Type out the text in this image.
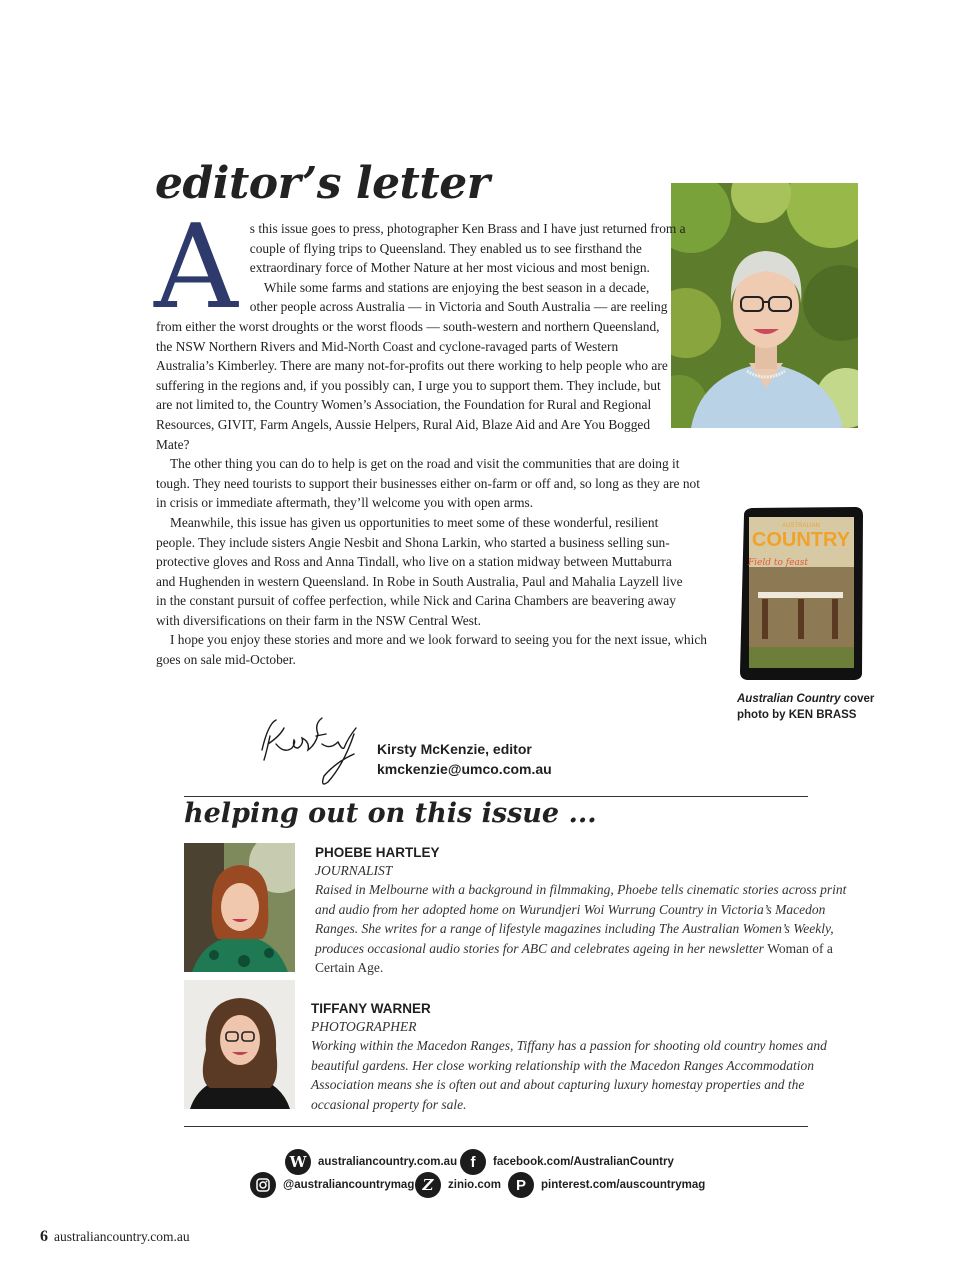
editor’s letter
A s this issue goes to press, photographer Ken Brass and I have just returned from a couple of flying trips to Queensland. They enabled us to see firsthand the extraordinary force of Mother Nature at her most vicious and most benign.

While some farms and stations are enjoying the best season in a decade, other people across Australia — in Victoria and South Australia — are reeling from either the worst droughts or the worst floods — south-western and northern Queensland, the NSW Northern Rivers and Mid-North Coast and cyclone-ravaged parts of Western Australia’s Kimberley. There are many not-for-profits out there working to help people who are suffering in the regions and, if you possibly can, I urge you to support them. They include, but are not limited to, the Country Women’s Association, the Foundation for Rural and Regional Resources, GIVIT, Farm Angels, Aussie Helpers, Rural Aid, Blaze Aid and Are You Bogged Mate?

The other thing you can do to help is get on the road and visit the communities that are doing it tough. They need tourists to support their businesses either on-farm or off and, so long as they are not in crisis or immediate aftermath, they’ll welcome you with open arms.

Meanwhile, this issue has given us opportunities to meet some of these wonderful, resilient people. They include sisters Angie Nesbit and Shona Larkin, who started a business selling sun-protective gloves and Ross and Anna Tindall, who live on a station midway between Muttaburra and Hughenden in western Queensland. In Robe in South Australia, Paul and Mahalia Layzell live in the constant pursuit of coffee perfection, while Nick and Carina Chambers are beavering away with diversifications on their farm in the NSW Central West.

I hope you enjoy these stories and more and we look forward to seeing you for the next issue, which goes on sale mid-October.

AUSTRALIAN
COUNTRY
Field to feast
Australian Country cover photo by KEN BRASS
Kirsty McKenzie, editor
kmckenzie@umco.com.au
helping out on this issue ...
PHOEBE HARTLEY
JOURNALIST
Raised in Melbourne with a background in filmmaking, Phoebe tells cinematic stories across print and audio from her adopted home on Wurundjeri Woi Wurrung Country in Victoria’s Macedon Ranges. She writes for a range of lifestyle magazines including The Australian Women’s Weekly, produces occasional audio stories for ABC and celebrates ageing in her newsletter Woman of a Certain Age.
TIFFANY WARNER
PHOTOGRAPHER
Working within the Macedon Ranges, Tiffany has a passion for shooting old country homes and beautiful gardens. Her close working relationship with the Macedon Ranges Accommodation Association means she is often out and about capturing luxury homestay properties and the occasional property for sale.
W	australiancountry.com.au f	facebook.com/AustralianCountry
@australiancountrymag Z	zinio.com P	pinterest.com/auscountrymag
6 australiancountry.com.au
